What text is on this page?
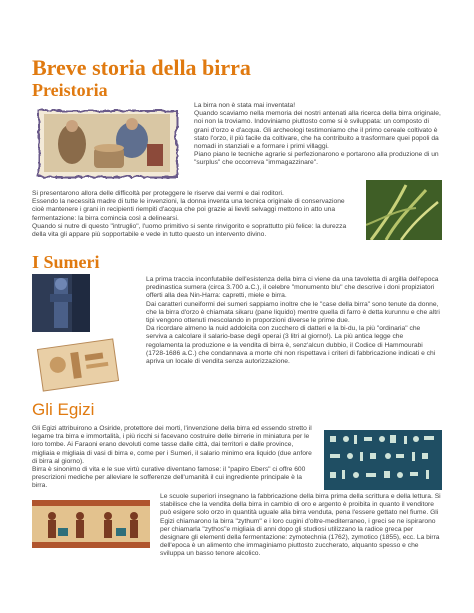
Breve storia della birra
Preistoria

La birra non è stata mai inventata!

Quando scaviamo nella memoria dei nostri antenati alla ricerca della birra originale, noi non la troviamo. Indoviniamo piuttosto come si è sviluppata: un composto di grani d'orzo e d'acqua. Gli archeologi testimoniamo che il primo cereale coltivato è stato l'orzo, il più facile da coltivare, che ha contribuito a trasformare quei popoli da nomadi in stanziali e a formare i primi villaggi.

Piano piano le tecniche agrarie si perfezionarono e portarono alla produzione di un "surplus" che occorreva "immagazzinare".

Si presentarono allora delle difficoltà per proteggere le riserve dai vermi e dai roditori.

Essendo la necessità madre di tutte le invenzioni, la donna inventa una tecnica originale di conservazione cioè mantenere i grani in recipienti riempiti d'acqua che poi grazie ai lieviti selvaggi mettono in atto una fermentazione: la birra comincia così a delinearsi.

Quando si nutre di questo "intruglio", l'uomo primitivo si sente rinvigorito e soprattutto più felice: la durezza della vita gli appare più sopportabile e vede in tutto questo un intervento divino.

I Sumeri

La prima traccia inconfutabile dell'esistenza della birra ci viene da una tavoletta di argilla dell'epoca predinastica sumera (circa 3.700 a.C.), il celebre "monumento blu" che descrive i doni propiziatori offerti alla dea Nin-Harra: capretti, miele e birra.

Dai caratteri cuneiformi dei sumeri sappiamo inoltre che le "case della birra" sono tenute da donne, che la birra d'orzo è chiamata sikaru (pane liquido) mentre quella di farro è detta kurunnu e che altri tipi vengono ottenuti mescolando in proporzioni diverse le prime due.

Da ricordare almeno la nuid addolcita con zucchero di datteri e la bi-du, la più "ordinaria" che serviva a calcolare il salario-base degli operai (3 litri al giorno!). La più antica legge che regolamenta la produzione e la vendita di birra è, senz'alcun dubbio, il Codice di Hammourabi (1728-1686 a.C.) che condannava a morte chi non rispettava i criteri di fabbricazione indicati e chi apriva un locale di vendita senza autorizzazione.

Gli Egizi

Gli Egizi attribuirono a Osiride, protettore dei morti, l'invenzione della birra ed essendo stretto il legame tra birra e immortalità, i più ricchi si facevano costruire delle birrerie in miniatura per le loro tombe. Ai Faraoni erano devoluti come tasse dalle città, dai territori e dalle province, migliaia e migliaia di vasi di birra e, come per i Sumeri, il salario minimo era liquido (due anfore di birra al giorno).

Birra è sinonimo di vita e le sue virtù curative diventano famose: il "papiro Ebers" ci offre 600 prescrizioni mediche per alleviare le sofferenze dell'umanità il cui ingrediente principale è la birra.

Le scuole superiori insegnano la fabbricazione della birra prima della scrittura e della lettura. Si stabilisce che la vendita della birra in cambio di oro e argento è proibita in quanto il venditore può esigere solo orzo in quantità uguale alla birra venduta, pena l'essere gettato nel fiume. Gli Egizi chiamarono la birra "zythum" e i loro cugini d'oltre-mediterraneo, i greci se ne ispirarono per chiamarla "zythos"e migliaia di anni dopo gli studiosi utilizzano la radice greca per designare gli elementi della fermentazione: zymotechnia (1762), zymotico (1855), ecc. La birra dell'epoca è un alimento che immaginiamo piuttosto zuccherato, alquanto spesso e che sviluppa un basso tenore alcolico.
